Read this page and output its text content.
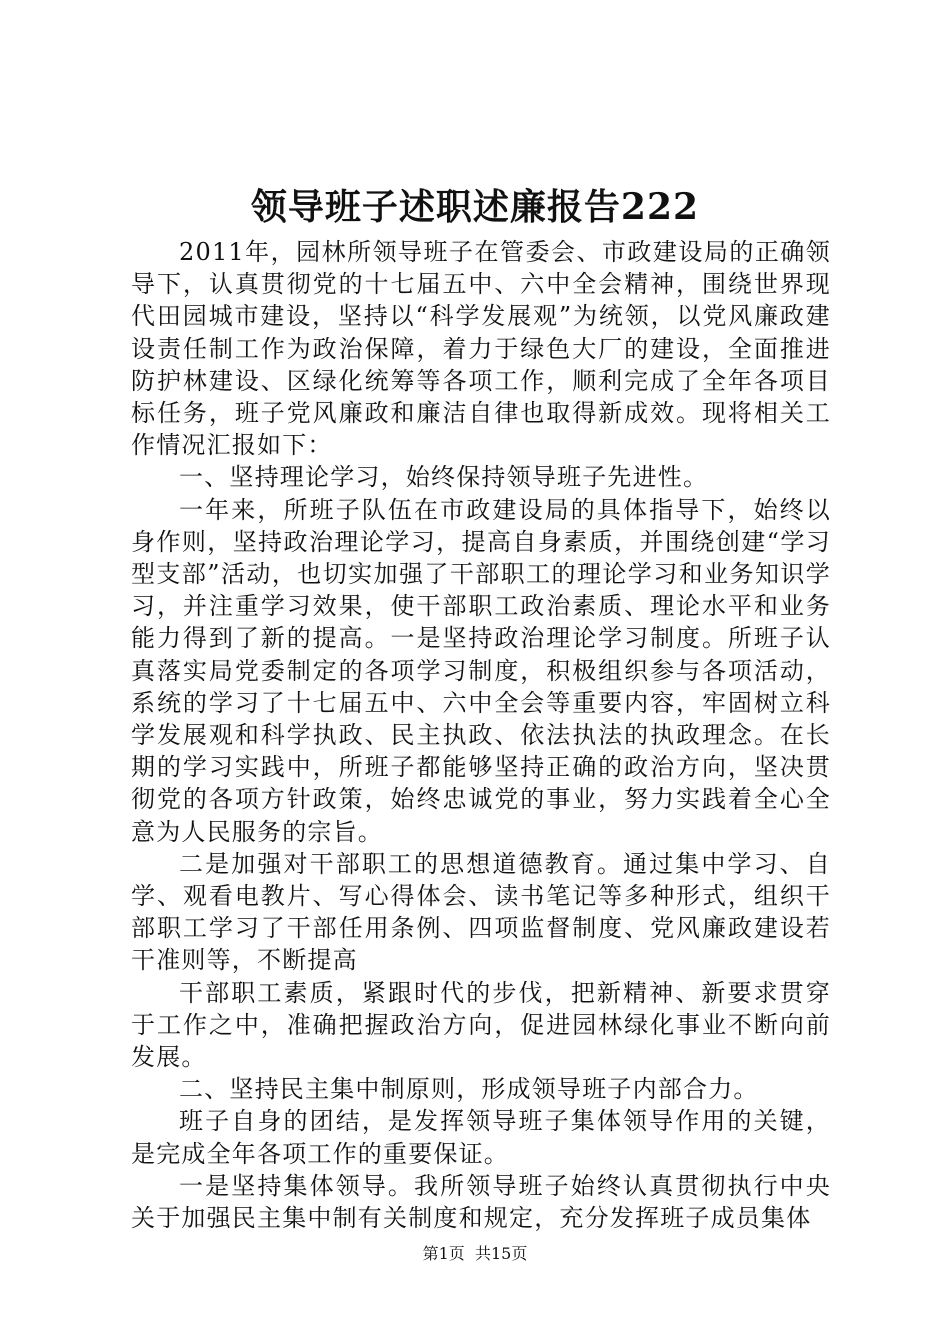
领导班子述职述廉报告222

2011年，园林所领导班子在管委会、市政建设局的正确领导下，认真贯彻党的十七届五中、六中全会精神，围绕世界现代田园城市建设，坚持以“科学发展观”为统领，以党风廉政建设责任制工作为政治保障，着力于绿色大厂的建设，全面推进防护林建设、区绿化统筹等各项工作，顺利完成了全年各项目标任务，班子党风廉政和廉洁自律也取得新成效。现将相关工作情况汇报如下：

一、坚持理论学习，始终保持领导班子先进性。

一年来，所班子队伍在市政建设局的具体指导下，始终以身作则，坚持政治理论学习，提高自身素质，并围绕创建“学习型支部”活动，也切实加强了干部职工的理论学习和业务知识学习，并注重学习效果，使干部职工政治素质、理论水平和业务能力得到了新的提高。一是坚持政治理论学习制度。所班子认真落实局党委制定的各项学习制度，积极组织参与各项活动，系统的学习了十七届五中、六中全会等重要内容，牢固树立科学发展观和科学执政、民主执政、依法执法的执政理念。在长期的学习实践中，所班子都能够坚持正确的政治方向，坚决贯彻党的各项方针政策，始终忠诚党的事业，努力实践着全心全意为人民服务的宗旨。

二是加强对干部职工的思想道德教育。通过集中学习、自学、观看电教片、写心得体会、读书笔记等多种形式，组织干部职工学习了干部任用条例、四项监督制度、党风廉政建设若干准则等，不断提高

干部职工素质，紧跟时代的步伐，把新精神、新要求贯穿于工作之中，准确把握政治方向，促进园林绿化事业不断向前发展。

二、坚持民主集中制原则，形成领导班子内部合力。

班子自身的团结，是发挥领导班子集体领导作用的关键，是完成全年各项工作的重要保证。

一是坚持集体领导。我所领导班子始终认真贯彻执行中央关于加强民主集中制有关制度和规定，充分发挥班子成员集体

第1页 共15页
